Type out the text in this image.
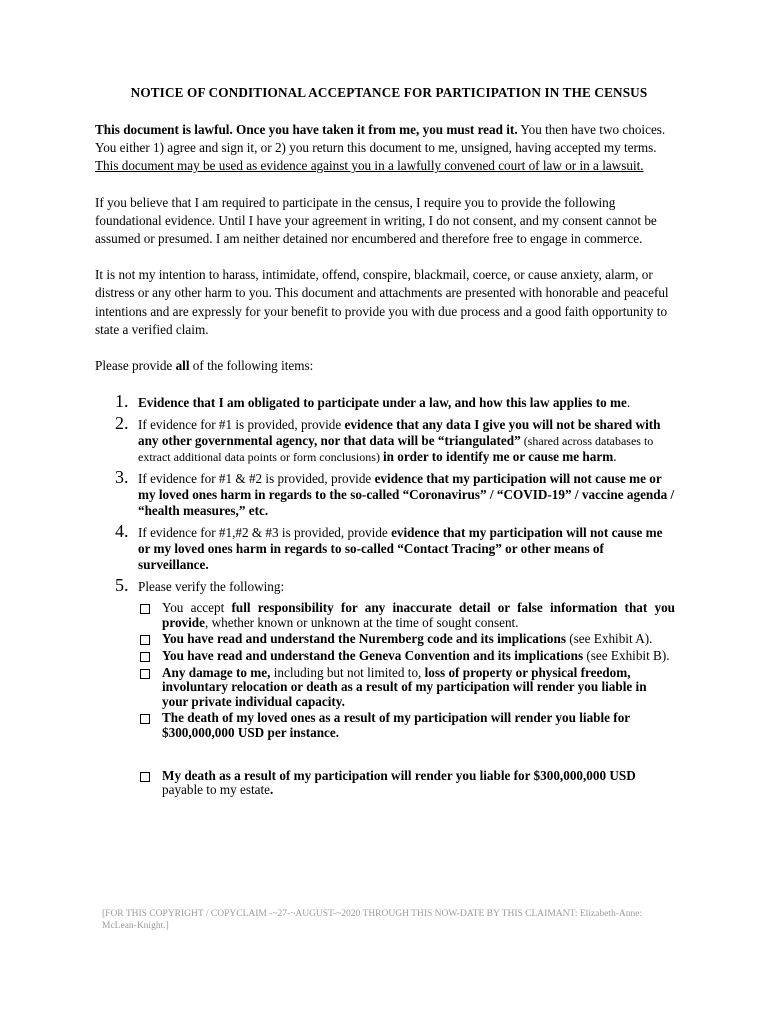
NOTICE OF CONDITIONAL ACCEPTANCE FOR PARTICIPATION IN THE CENSUS

This document is lawful. Once you have taken it from me, you must read it. You then have two choices. You either 1) agree and sign it, or 2) you return this document to me, unsigned, having accepted my terms. This document may be used as evidence against you in a lawfully convened court of law or in a lawsuit.

If you believe that I am required to participate in the census, I require you to provide the following foundational evidence. Until I have your agreement in writing, I do not consent, and my consent cannot be assumed or presumed. I am neither detained nor encumbered and therefore free to engage in commerce.

It is not my intention to harass, intimidate, offend, conspire, blackmail, coerce, or cause anxiety, alarm, or distress or any other harm to you. This document and attachments are presented with honorable and peaceful intentions and are expressly for your benefit to provide you with due process and a good faith opportunity to state a verified claim.

Please provide all of the following items:

1. Evidence that I am obligated to participate under a law, and how this law applies to me.
2. If evidence for #1 is provided, provide evidence that any data I give you will not be shared with any other governmental agency, nor that data will be “triangulated” (shared across databases to extract additional data points or form conclusions) in order to identify me or cause me harm.
3. If evidence for #1 & #2 is provided, provide evidence that my participation will not cause me or my loved ones harm in regards to the so-called “Coronavirus” / “COVID-19” / vaccine agenda / “health measures,” etc.
4. If evidence for #1,#2 & #3 is provided, provide evidence that my participation will not cause me or my loved ones harm in regards to so-called “Contact Tracing” or other means of surveillance.
5. Please verify the following:
You accept full responsibility for any inaccurate detail or false information that you provide, whether known or unknown at the time of sought consent.
You have read and understand the Nuremberg code and its implications (see Exhibit A).
You have read and understand the Geneva Convention and its implications (see Exhibit B).
Any damage to me, including but not limited to, loss of property or physical freedom, involuntary relocation or death as a result of my participation will render you liable in your private individual capacity.
The death of my loved ones as a result of my participation will render you liable for $300,000,000 USD per instance.
My death as a result of my participation will render you liable for $300,000,000 USD payable to my estate.
[FOR THIS COPYRIGHT / COPYCLAIM -~27-~AUGUST-~2020 THROUGH THIS NOW-DATE BY THIS CLAIMANT: Elizabeth-Anne: McLean-Knight.]
